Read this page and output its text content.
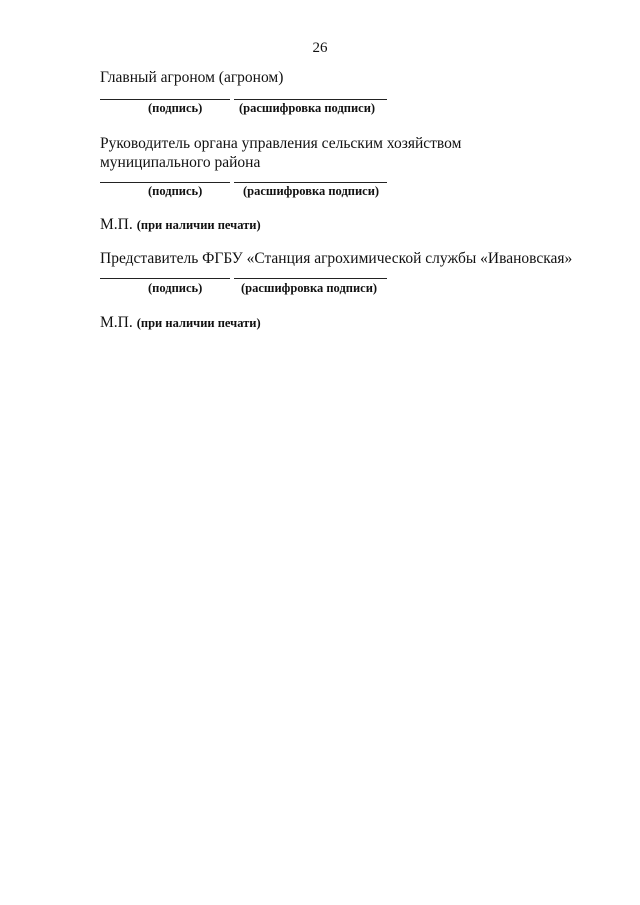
26
Главный агроном (агроном)
(подпись)	(расшифровка подписи)
Руководитель органа управления сельским хозяйством
муниципального района
(подпись)	(расшифровка подписи)
М.П. (при наличии печати)
Представитель ФГБУ «Станция агрохимической службы «Ивановская»
(подпись)	(расшифровка подписи)
М.П. (при наличии печати)
